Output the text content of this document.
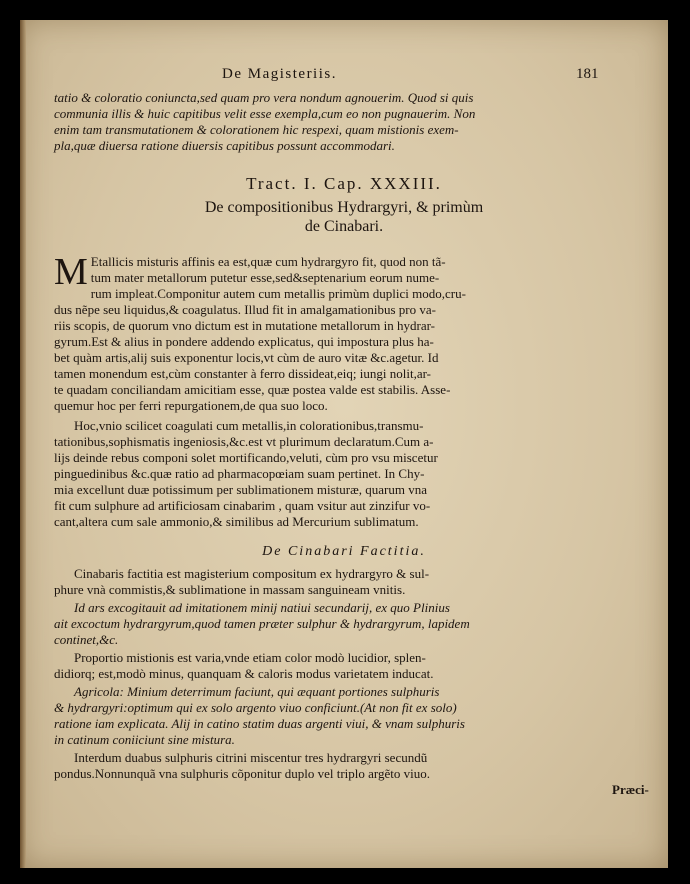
De Magisteriis.	181

tatio & coloratio coniuncta,sed quam pro vera nondum agnouerim. Quod si quis

communia illis & huic capitibus velit esse exempla,cum eo non pugnauerim. Non

enim tam transmutationem & colorationem hic respexi, quam mistionis exem-

pla,quæ diuersa ratione diuersis capitibus possunt accommodari.

Tract. I. Cap. XXXIII.
De compositionibus Hydrargyri, & primùm
de Cinabari.
M Etallicis misturis affinis ea est,quæ cum hydrargyro fit, quod non tã-

tum mater metallorum putetur esse,sed&septenarium eorum nume-

rum impleat.Componitur autem cum metallis primùm duplici modo,cru-

dus nẽpe seu liquidus,& coagulatus. Illud fit in amalgamationibus pro va-

riis scopis, de quorum vno dictum est in mutatione metallorum in hydrar-

gyrum.Est & alius in pondere addendo explicatus, qui impostura plus ha-

bet quàm artis,alij suis exponentur locis,vt cùm de auro vitæ &c.agetur. Id

tamen monendum est,cùm constanter à ferro dissideat,eiq; iungi nolit,ar-

te quadam conciliandam amicitiam esse, quæ postea valde est stabilis. Asse-

quemur hoc per ferri repurgationem,de qua suo loco.

Hoc,vnio scilicet coagulati cum metallis,in colorationibus,transmu-

tationibus,sophismatis ingeniosis,&c.est vt plurimum declaratum.Cum a-

lijs deinde rebus componi solet mortificando,veluti, cùm pro vsu miscetur

pinguedinibus &c.quæ ratio ad pharmacopœiam suam pertinet. In Chy-

mia excellunt duæ potissimum per sublimationem misturæ, quarum vna

fit cum sulphure ad artificiosam cinabarim , quam vsitur aut zinzifur vo-

cant,altera cum sale ammonio,& similibus ad Mercurium sublimatum.

De Cinabari Factitia.

Cinabaris factitia est magisterium compositum ex hydrargyro & sul-

phure vnà commistis,& sublimatione in massam sanguineam vnitis.

Id ars excogitauit ad imitationem minij natiui secundarij, ex quo Plinius

ait excoctum hydrargyrum,quod tamen præter sulphur & hydrargyrum, lapidem

continet,&c.

Proportio mistionis est varia,vnde etiam color modò lucidior, splen-

didiorq; est,modò minus, quanquam & caloris modus varietatem inducat.

Agricola: Minium deterrimum faciunt, qui æquant portiones sulphuris

& hydrargyri:optimum qui ex solo argento viuo conficiunt.(At non fit ex solo)

ratione iam explicata. Alij in catino statim duas argenti viui, & vnam sulphuris

in catinum coniiciunt sine mistura.

Interdum duabus sulphuris citrini miscentur tres hydrargyri secundũ

pondus.Nonnunquã vna sulphuris cõponitur duplo vel triplo argẽto viuo.

Præci-
